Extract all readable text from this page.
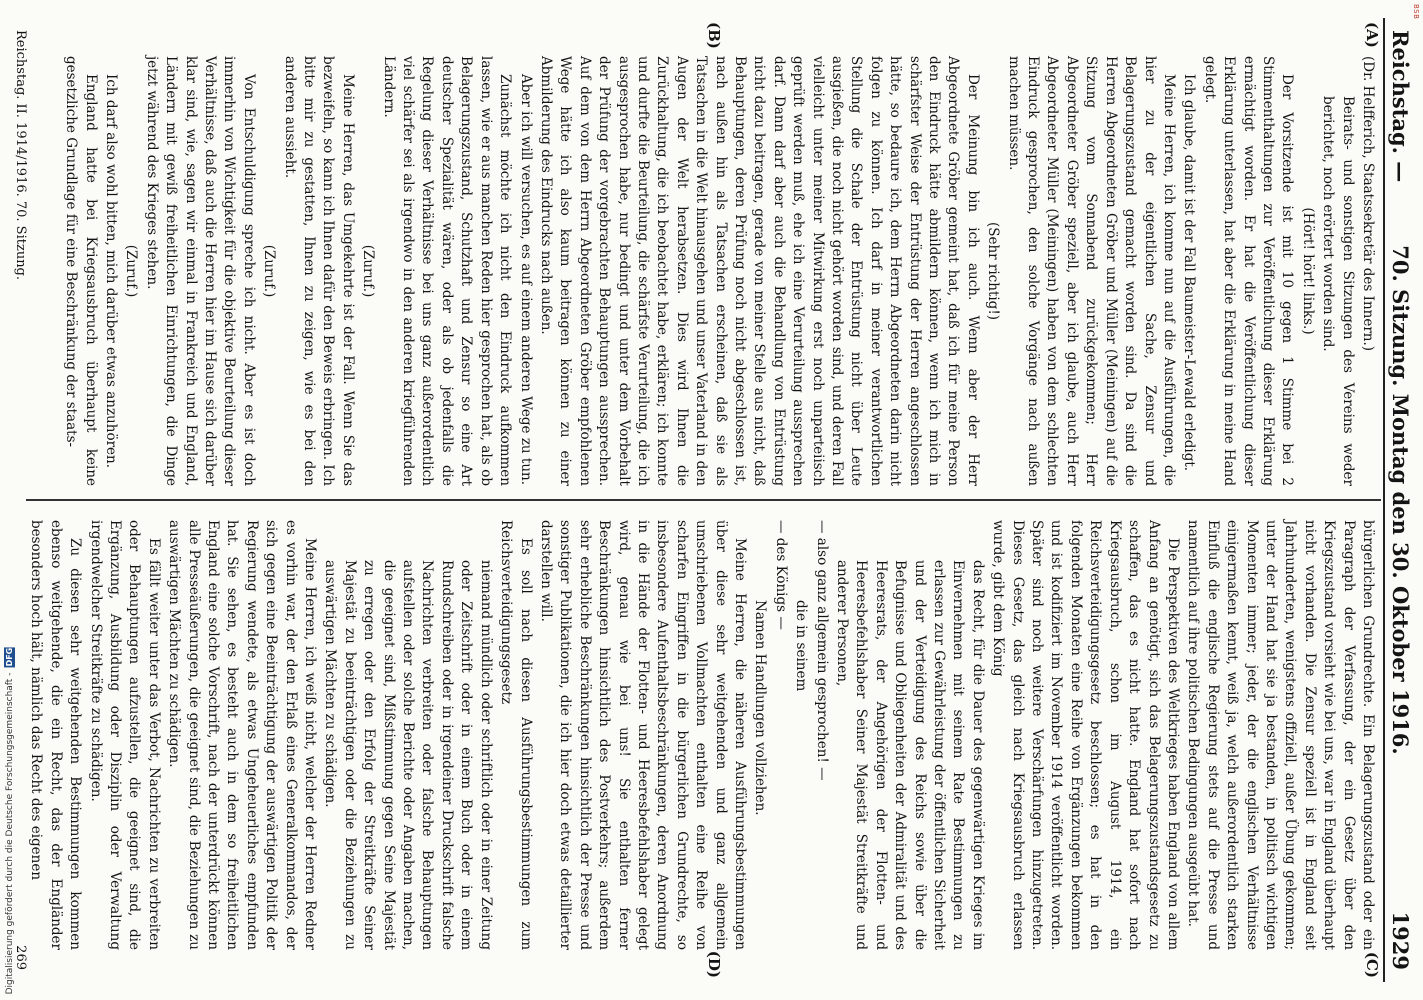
Reichstag. —
70. Sitzung. Montag den 30. Oktober 1916.
1929
(A)
(B)
(C)
(D)

(Dr. Helfferich, Staatssekretär des Innern.)

Beirats- und sonstigen Sitzungen des Vereins weder berichtet, noch erörtert worden sind.

(Hört! hört! links.)

Der Vorsitzende ist mit 10 gegen 1 Stimme bei 2 Stimmenthaltungen zur Veröffentlichung dieser Erklärung ermächtigt worden. Er hat die Veröffentlichung dieser Erklärung unterlassen, hat aber die Erklärung in meine Hand gelegt.

Ich glaube, damit ist der Fall Baumeister-Lewald erledigt.

Meine Herren, ich komme nun auf die Ausführungen, die hier zu der eigentlichen Sache, Zensur und Belagerungszustand gemacht worden sind. Da sind die Herren Abgeordneten Gröber und Müller (Meiningen) auf die Sitzung vom Sonnabend zurückgekommen; Herr Abgeordneter Gröber speziell, aber ich glaube, auch Herr Abgeordneter Müller (Meiningen) haben von dem schlechten Eindruck gesprochen, den solche Vorgänge nach außen machen müssen.

(Sehr richtig!)

Der Meinung bin ich auch. Wenn aber der Herr Abgeordnete Gröber gemeint hat, daß ich für meine Person den Eindruck hätte abmildern können, wenn ich mich in schärfster Weise der Entrüstung der Herren angeschlossen hätte, so bedaure ich, dem Herrn Abgeordneten darin nicht folgen zu können. Ich darf in meiner verantwortlichen Stellung die Schale der Entrüstung nicht über Leute ausgießen, die noch nicht gehört worden sind, und deren Fall vielleicht unter meiner Mitwirkung erst noch unparteiisch geprüft werden muß, ehe ich eine Verurteilung aussprechen darf. Dann darf aber auch die Behandlung von Entrüstung nicht dazu beitragen, gerade von meiner Stelle aus nicht, daß Behauptungen, deren Prüfung noch nicht abgeschlossen ist, nach außen hin als Tatsachen erscheinen, daß sie als Tatsachen in die Welt hinausgehen und unser Vaterland in den Augen der Welt herabsetzen. Dies wird Ihnen die Zurückhaltung, die ich beobachtet habe, erklären; ich konnte und durfte die Beurteilung, die schärfste Verurteilung, die ich ausgesprochen habe, nur bedingt und unter dem Vorbehalt der Prüfung der vorgebrachten Behauptungen aussprechen. Auf dem von dem Herrn Abgeordneten Gröber empfohlenen Wege hätte ich also kaum beitragen können zu einer Abmilderung des Eindrucks nach außen.

Aber ich will versuchen, es auf einem anderen Wege zu tun.

Zunächst möchte ich nicht den Eindruck aufkommen lassen, wie er aus manchen Reden hier gesprochen hat, als ob Belagerungszustand, Schutzhaft und Zensur so eine Art deutscher Spezialität wären, oder als ob jedenfalls die Regelung dieser Verhältnisse bei uns ganz außerordentlich viel schärfer sei als irgendwo in den anderen kriegführenden Ländern.

(Zuruf.)

Meine Herren, das Umgekehrte ist der Fall. Wenn Sie das bezweifeln, so kann ich Ihnen dafür den Beweis erbringen. Ich bitte mir zu gestatten, Ihnen zu zeigen, wie es bei den anderen aussieht.

(Zuruf.)

Von Entschuldigung spreche ich nicht. Aber es ist doch immerhin von Wichtigkeit für die objektive Beurteilung dieser Verhältnisse, daß auch die Herren hier im Hause sich darüber klar sind, wie, sagen wir einmal in Frankreich und England, Ländern mit gewiß freiheitlichen Einrichtungen, die Dinge jetzt während des Krieges stehen.

(Zuruf.)

Ich darf also wohl bitten, mich darüber etwas anzuhören.

England hatte bei Kriegsausbruch überhaupt keine gesetzliche Grundlage für eine Beschränkung der staats-

bürgerlichen Grundrechte. Ein Belagerungszustand oder ein Paragraph der Verfassung, der ein Gesetz über den Kriegszustand vorsieht wie bei uns, war in England überhaupt nicht vorhanden. Die Zensur speziell ist in England seit Jahrhunderten, wenigstens offiziell, außer Übung gekommen; unter der Hand hat sie ja bestanden, in politisch wichtigen Momenten immer; jeder, der die englischen Verhältnisse einigermaßen kennt, weiß ja, welch außerordentlich starken Einfluß die englische Regierung stets auf die Presse und namentlich auf ihre politischen Bedingungen ausgeübt hat.

Die Perspektiven des Weltkrieges haben England von allem Anfang an genötigt, sich das Belagerungszustandsgesetz zu schaffen, das es nicht hatte. England hat sofort nach Kriegsausbruch, schon im August 1914, ein Reichsverteidigungsgesetz beschlossen; es hat in den folgenden Monaten eine Reihe von Ergänzungen bekommen und ist kodifiziert im November 1914 veröffentlicht worden. Später sind noch weitere Verschärfungen hinzugetreten. Dieses Gesetz, das gleich nach Kriegsausbruch erlassen wurde, gibt dem König

das Recht, für die Dauer des gegenwärtigen Krieges im Einvernehmen mit seinem Rate Bestimmungen zu erlassen zur Gewährleistung der öffentlichen Sicherheit und der Verteidigung des Reichs sowie über die Befugnisse und Obliegenheiten der Admiralität und des Heeresrats, der Angehörigen der Flotten- und Heeresbefehlshaber Seiner Majestät Streitkräfte und anderer Personen,

— also ganz allgemein gesprochen! —

die in seinem

— des Königs —

Namen Handlungen vollziehen.

Meine Herren, die näheren Ausführungsbestimmungen über diese sehr weitgehenden und ganz allgemein umschriebenen Vollmachten enthalten eine Reihe von scharfen Eingriffen in die bürgerlichen Grundrechte, so insbesondere Aufenthaltsbeschränkungen, deren Anordnung in die Hände der Flotten- und Heeresbefehlshaber gelegt wird, genau wie bei uns! Sie enthalten ferner Beschränkungen hinsichtlich des Postverkehrs; außerdem sehr erhebliche Beschränkungen hinsichtlich der Presse und sonstiger Publikationen, die ich hier doch etwas detaillierter darstellen will.

Es soll nach diesen Ausführungsbestimmungen zum Reichsverteidigungsgesetz

niemand mündlich oder schriftlich oder in einer Zeitung oder Zeitschrift oder in einem Buch oder in einem Rundschreiben oder in irgendeiner Druckschrift falsche Nachrichten verbreiten oder falsche Behauptungen aufstellen oder solche Berichte oder Angaben machen, die geeignet sind, Mißstimmung gegen Seine Majestät zu erregen oder den Erfolg der Streitkräfte Seiner Majestät zu beeinträchtigen oder die Beziehungen zu auswärtigen Mächten zu schädigen.

Meine Herren, ich weiß nicht, welcher der Herren Redner es vorhin war, der den Erlaß eines Generalkommandos, der sich gegen eine Beeinträchtigung der auswärtigen Politik der Regierung wendete, als etwas Ungeheuerliches empfunden hat. Sie sehen, es besteht auch in dem so freiheitlichen England eine solche Vorschrift, nach der unterdrückt können alle Presseäußerungen, die geeignet sind, die Beziehungen zu auswärtigen Mächten zu schädigen.

Es fällt weiter unter das Verbot, Nachrichten zu verbreiten oder Behauptungen aufzustellen, die geeignet sind, die Ergänzung, Ausbildung oder Disziplin oder Verwaltung irgendwelcher Streitkräfte zu schädigen.

Zu diesen sehr weitgehenden Bestimmungen kommen ebenso weitgehende, die ein Recht, das der Engländer besonders hoch hält, nämlich das Recht des eigenen

Reichstag. II. 1914/1916. 70. Sitzung.
269
Digitalisierung gefördert durch die Deutsche Forschungsgemeinschaft - DFG
BSB
